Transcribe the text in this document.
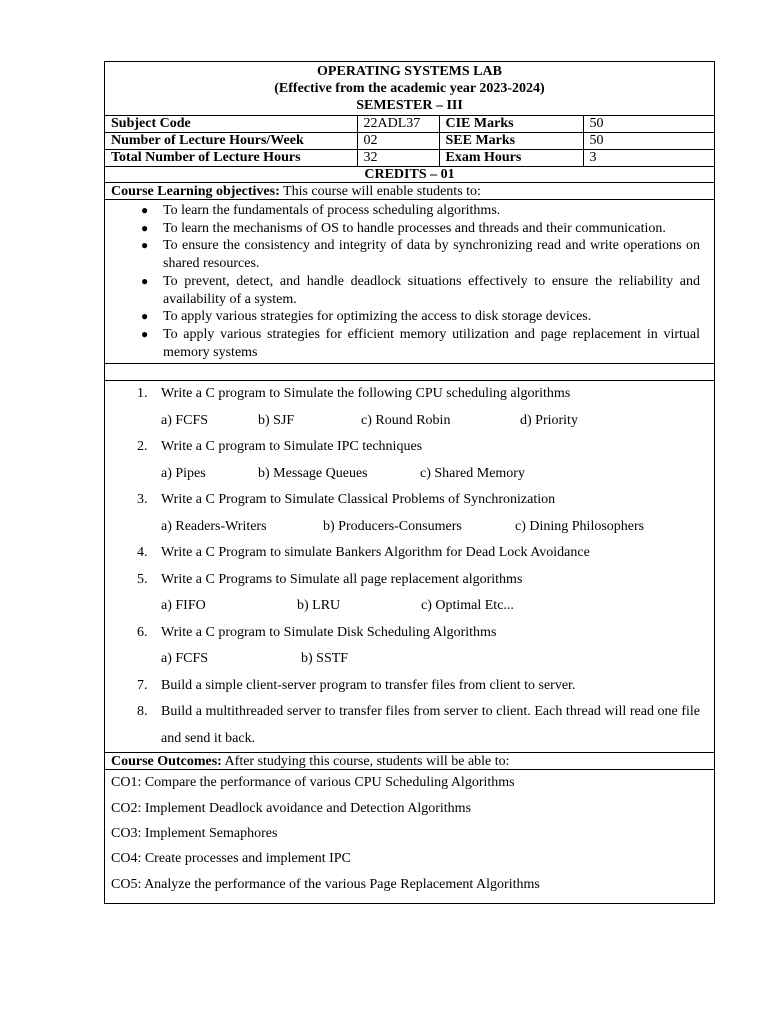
OPERATING SYSTEMS LAB
(Effective from the academic year 2023-2024)
SEMESTER – III
Subject Code	22ADL37	CIE Marks	50
Number of Lecture Hours/Week	02	SEE Marks	50
Total Number of Lecture Hours	32	Exam Hours	3
CREDITS – 01
Course Learning objectives: This course will enable students to:
● To learn the fundamentals of process scheduling algorithms.
● To learn the mechanisms of OS to handle processes and threads and their communication.
● To ensure the consistency and integrity of data by synchronizing read and write operations on shared resources.
● To prevent, detect, and handle deadlock situations effectively to ensure the reliability and availability of a system.
● To apply various strategies for optimizing the access to disk storage devices.
● To apply various strategies for efficient memory utilization and page replacement in virtual memory systems
1. Write a C program to Simulate the following CPU scheduling algorithms
a) FCFS	b) SJF	c) Round Robin	d) Priority
2. Write a C program to Simulate IPC techniques
a) Pipes	b) Message Queues	c) Shared Memory
3. Write a C Program to Simulate Classical Problems of Synchronization
a) Readers-Writers	b) Producers-Consumers	c) Dining Philosophers
4. Write a C Program to simulate Bankers Algorithm for Dead Lock Avoidance
5. Write a C Programs to Simulate all page replacement algorithms
a) FIFO	b) LRU	c) Optimal Etc...
6. Write a C program to Simulate Disk Scheduling Algorithms
a) FCFS	b) SSTF
7. Build a simple client-server program to transfer files from client to server.
8. Build a multithreaded server to transfer files from server to client. Each thread will read one file and send it back.
Course Outcomes: After studying this course, students will be able to:
CO1: Compare the performance of various CPU Scheduling Algorithms
CO2: Implement Deadlock avoidance and Detection Algorithms
CO3: Implement Semaphores
CO4: Create processes and implement IPC
CO5: Analyze the performance of the various Page Replacement Algorithms
